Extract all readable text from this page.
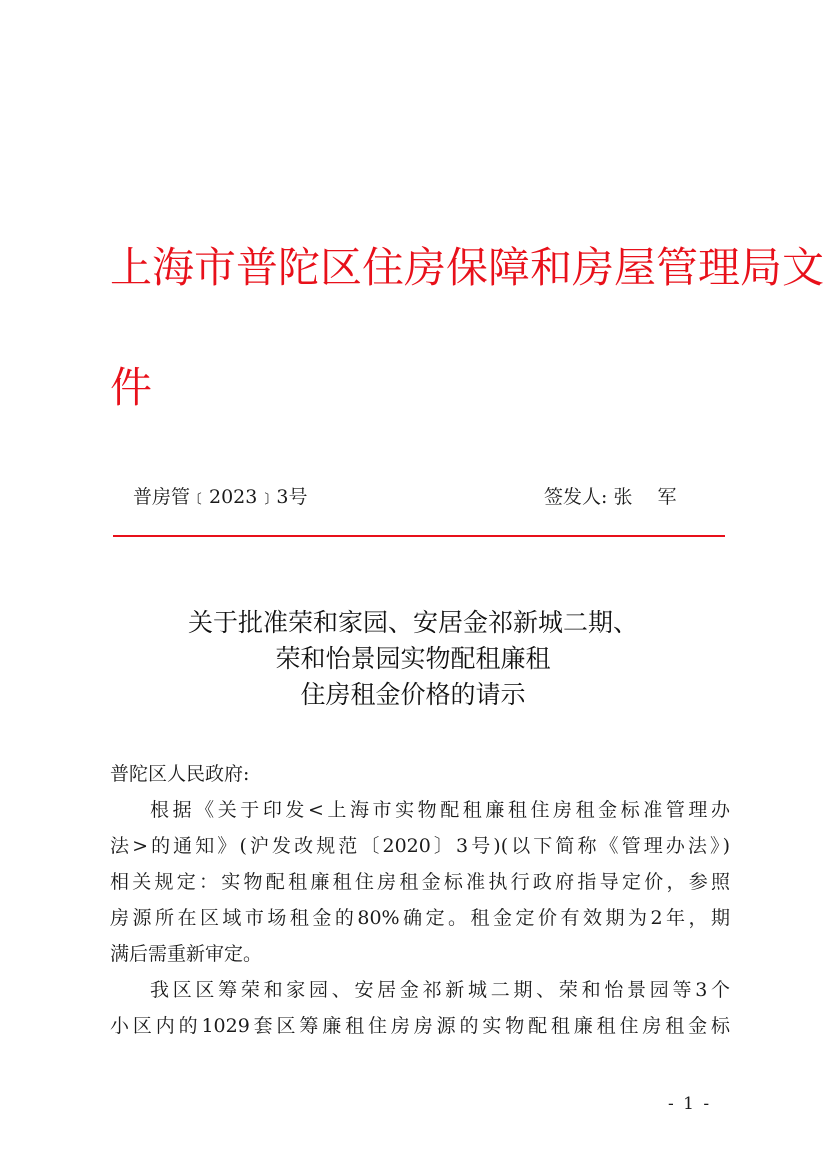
上海市普陀区住房保障和房屋管理局文
件
普房管﹝2023﹞3号	签发人: 张 军
关于批准荣和家园、安居金祁新城二期、
荣和怡景园实物配租廉租
住房租金价格的请示

普陀区人民政府:

根据《关于印发<上海市实物配租廉租住房租金标准管理办
法>的通知》(沪发改规范〔2020〕3号)(以下简称《管理办法》)
相关规定：实物配租廉租住房租金标准执行政府指导定价，参照
房源所在区域市场租金的80%确定。租金定价有效期为2年，期
满后需重新审定。

我区区筹荣和家园、安居金祁新城二期、荣和怡景园等3个
小区内的1029套区筹廉租住房房源的实物配租廉租住房租金标

- 1 -
